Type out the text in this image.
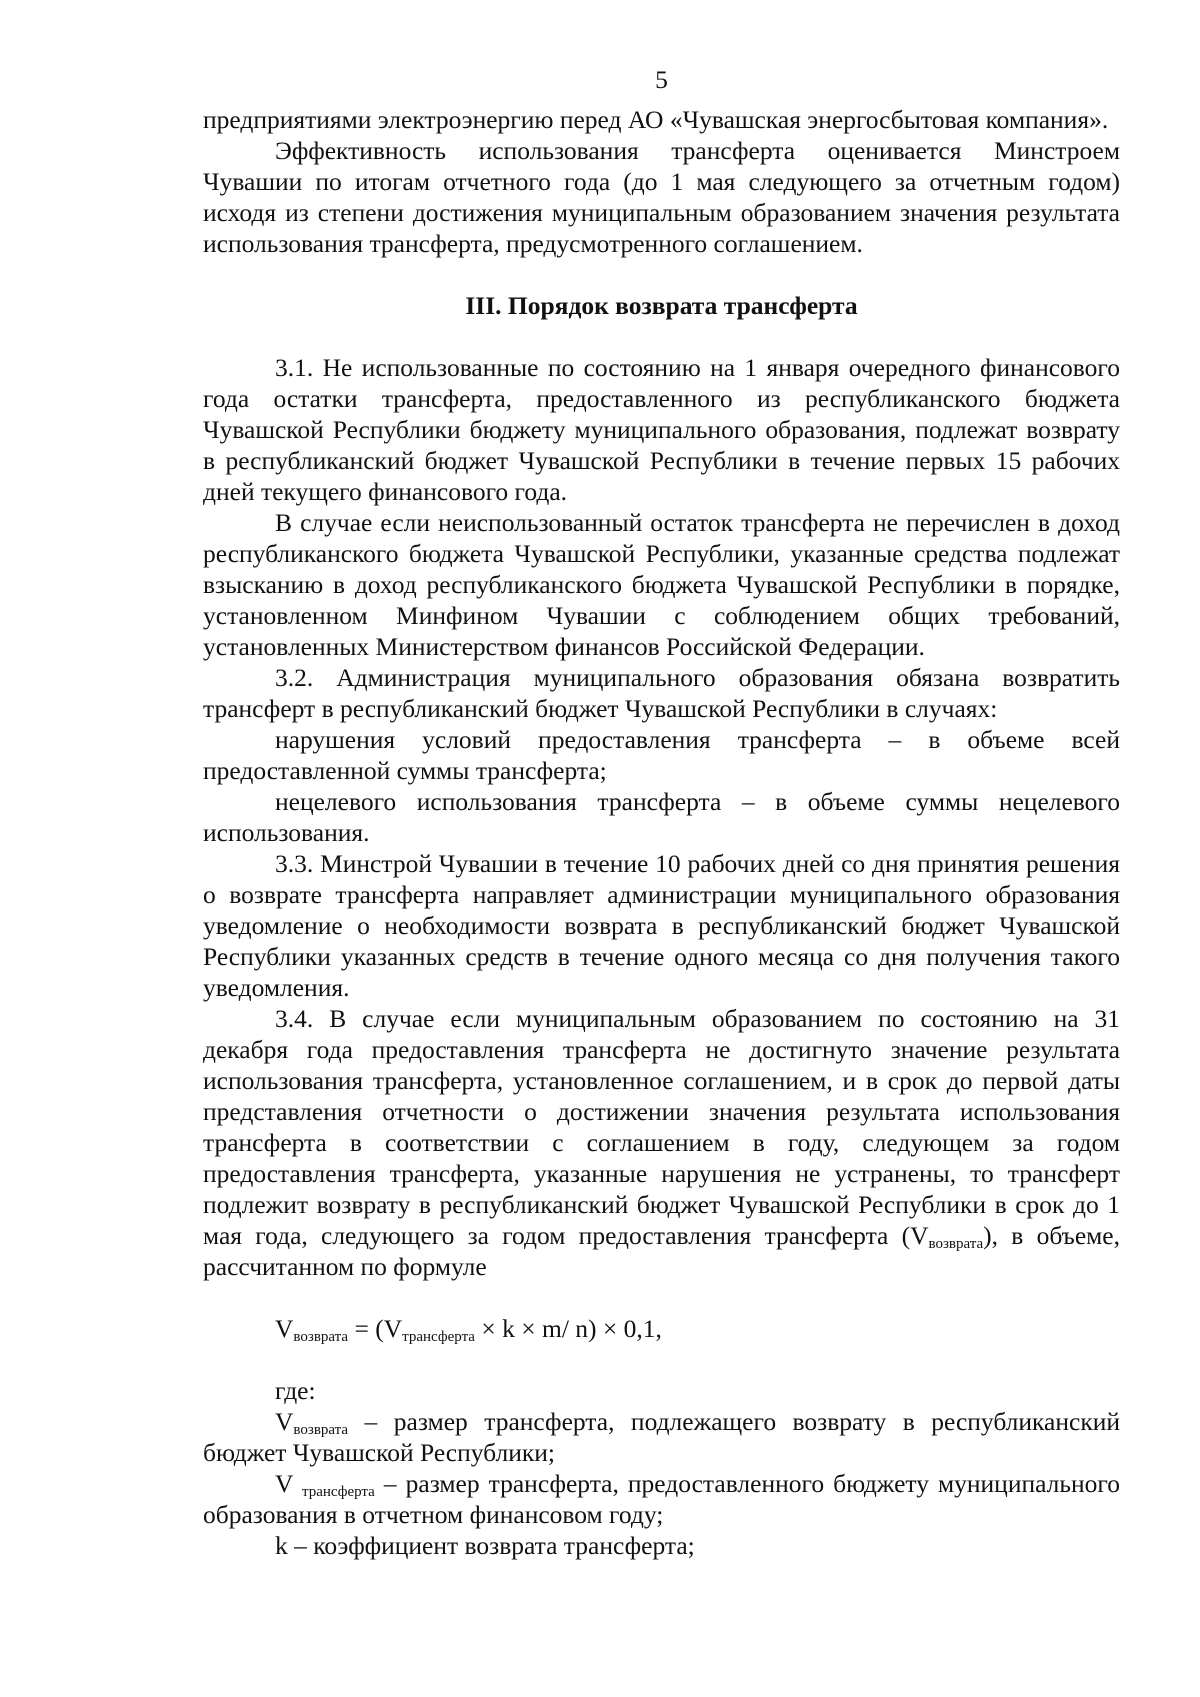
5

предприятиями электроэнергию перед АО «Чувашская энергосбытовая компания».

Эффективность использования трансферта оценивается Минстроем Чувашии по итогам отчетного года (до 1 мая следующего за отчетным годом) исходя из степени достижения муниципальным образованием значения результата использования трансферта, предусмотренного соглашением.

III. Порядок возврата трансферта

3.1. Не использованные по состоянию на 1 января очередного финансового года остатки трансферта, предоставленного из республиканского бюджета Чувашской Республики бюджету муниципального образования, подлежат возврату в республиканский бюджет Чувашской Республики в течение первых 15 рабочих дней текущего финансового года.

В случае если неиспользованный остаток трансферта не перечислен в доход республиканского бюджета Чувашской Республики, указанные средства подлежат взысканию в доход республиканского бюджета Чувашской Республики в порядке, установленном Минфином Чувашии с соблюдением общих требований, установленных Министерством финансов Российской Федерации.

3.2. Администрация муниципального образования обязана возвратить трансферт в республиканский бюджет Чувашской Республики в случаях:

нарушения условий предоставления трансферта – в объеме всей предоставленной суммы трансферта;

нецелевого использования трансферта – в объеме суммы нецелевого использования.

3.3. Минстрой Чувашии в течение 10 рабочих дней со дня принятия решения о возврате трансферта направляет администрации муниципального образования уведомление о необходимости возврата в республиканский бюджет Чувашской Республики указанных средств в течение одного месяца со дня получения такого уведомления.

3.4. В случае если муниципальным образованием по состоянию на 31 декабря года предоставления трансферта не достигнуто значение результата использования трансферта, установленное соглашением, и в срок до первой даты представления отчетности о достижении значения результата использования трансферта в соответствии с соглашением в году, следующем за годом предоставления трансферта, указанные нарушения не устранены, то трансферт подлежит возврату в республиканский бюджет Чувашской Республики в срок до 1 мая года, следующего за годом предоставления трансферта $(V_{возврата})$, в объеме, рассчитанном по формуле

$V_{возврата} = (V_{трансферта} \times k \times m/$ n) × 0,1,
где:

$V_{возврата}$ – размер трансферта, подлежащего возврату в республиканский бюджет Чувашской Республики;

V $_{трансферта}$ – размер трансферта, предоставленного бюджету муниципального образования в отчетном финансовом году;

k – коэффициент возврата трансферта;
